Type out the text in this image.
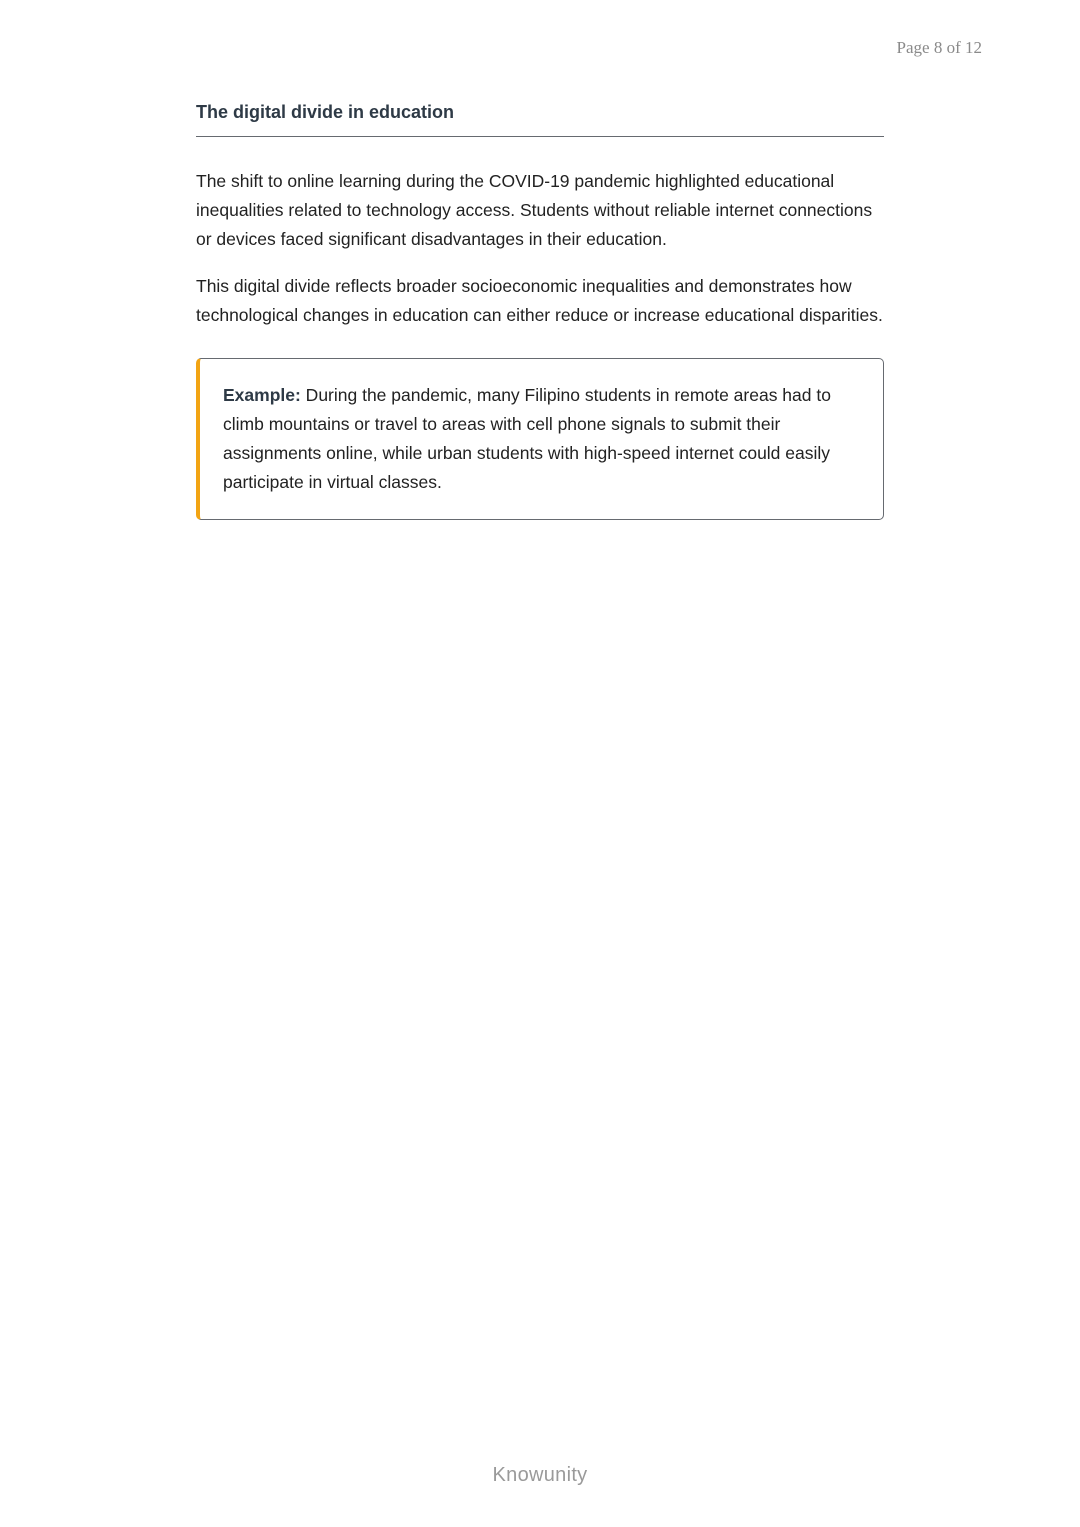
Page 8 of 12
The digital divide in education

The shift to online learning during the COVID-19 pandemic highlighted educational inequalities related to technology access. Students without reliable internet connections or devices faced significant disadvantages in their education.

This digital divide reflects broader socioeconomic inequalities and demonstrates how technological changes in education can either reduce or increase educational disparities.

Example: During the pandemic, many Filipino students in remote areas had to climb mountains or travel to areas with cell phone signals to submit their assignments online, while urban students with high-speed internet could easily participate in virtual classes.

Knowunity
